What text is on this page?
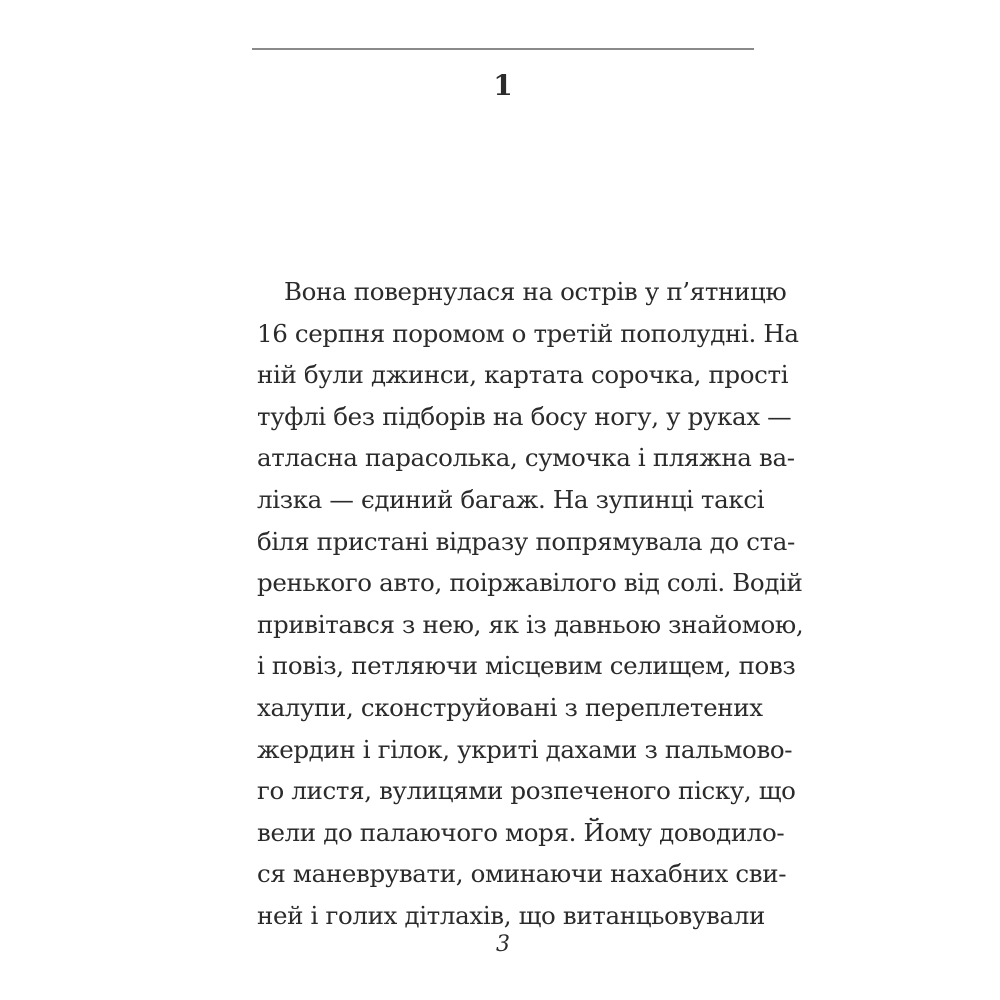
1
Вона повернулася на острів у п’ятницю
16 серпня поромом о третій пополудні. На
ній були джинси, картата сорочка, прості
туфлі без підборів на босу ногу, у руках —
атласна парасолька, сумочка і пляжна ва-
лізка — єдиний багаж. На зупинці таксі
біля пристані відразу попрямувала до ста-
ренького авто, поіржавілого від солі. Водій
привітався з нею, як із давньою знайомою,
і повіз, петляючи місцевим селищем, повз
халупи, сконструйовані з переплетених
жердин і гілок, укриті дахами з пальмово-
го листя, вулицями розпеченого піску, що
вели до палаючого моря. Йому доводило-
ся маневрувати, оминаючи нахабних сви-
ней і голих дітлахів, що витанцьовували
3
